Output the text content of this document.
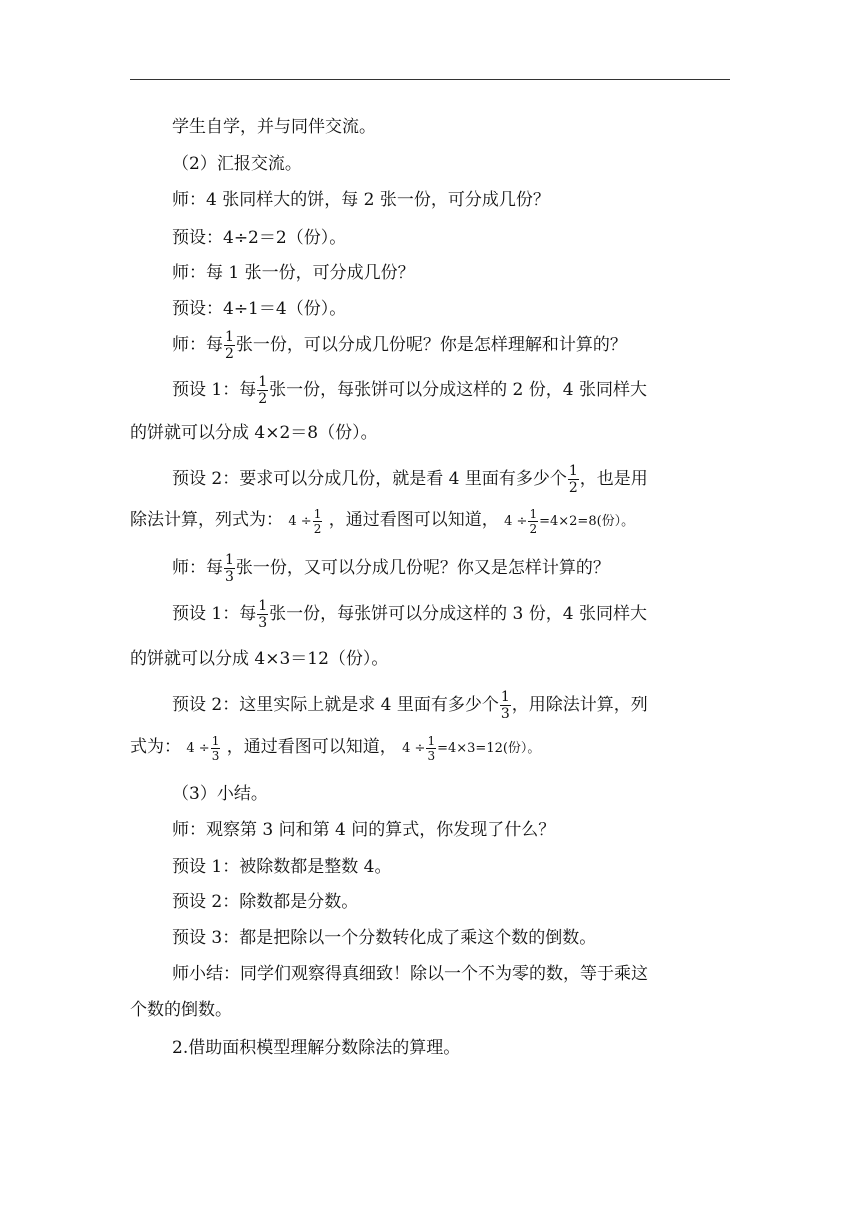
学生自学，并与同伴交流。
（2）汇报交流。
师：4 张同样大的饼，每 2 张一份，可分成几份？
预设：4÷2＝2（份）。
师：每 1 张一份，可分成几份？
预设：4÷1＝4（份）。
师：每 $\frac{1}{2}$ 张一份，可以分成几份呢？你是怎样理解和计算的？
预设 1：每 $\frac{1}{2}$ 张一份，每张饼可以分成这样的 2 份，4 张同样大
的饼就可以分成 4×2＝8（份）。
预设 2：要求可以分成几份，就是看 4 里面有多少个 $\frac{1}{2}$ ，也是用
除法计算，列式为： $4 \div \frac{1}{2}$ ，通过看图可以知道， $4 \div \frac{1}{2} =4\times 2=8$(份）。
师：每 $\frac{1}{3}$ 张一份，又可以分成几份呢？你又是怎样计算的？
预设 1：每 $\frac{1}{3}$ 张一份，每张饼可以分成这样的 3 份，4 张同样大
的饼就可以分成 4×3＝12（份）。
预设 2：这里实际上就是求 4 里面有多少个 $\frac{1}{3}$ ，用除法计算，列
式为： $4 \div \frac{1}{3}$ ，通过看图可以知道， $4 \div \frac{1}{3} =4\times 3=12$(份）。
（3）小结。
师：观察第 3 问和第 4 问的算式，你发现了什么？
预设 1：被除数都是整数 4。
预设 2：除数都是分数。
预设 3：都是把除以一个分数转化成了乘这个数的倒数。
师小结：同学们观察得真细致！除以一个不为零的数，等于乘这
个数的倒数。
2.借助面积模型理解分数除法的算理。
